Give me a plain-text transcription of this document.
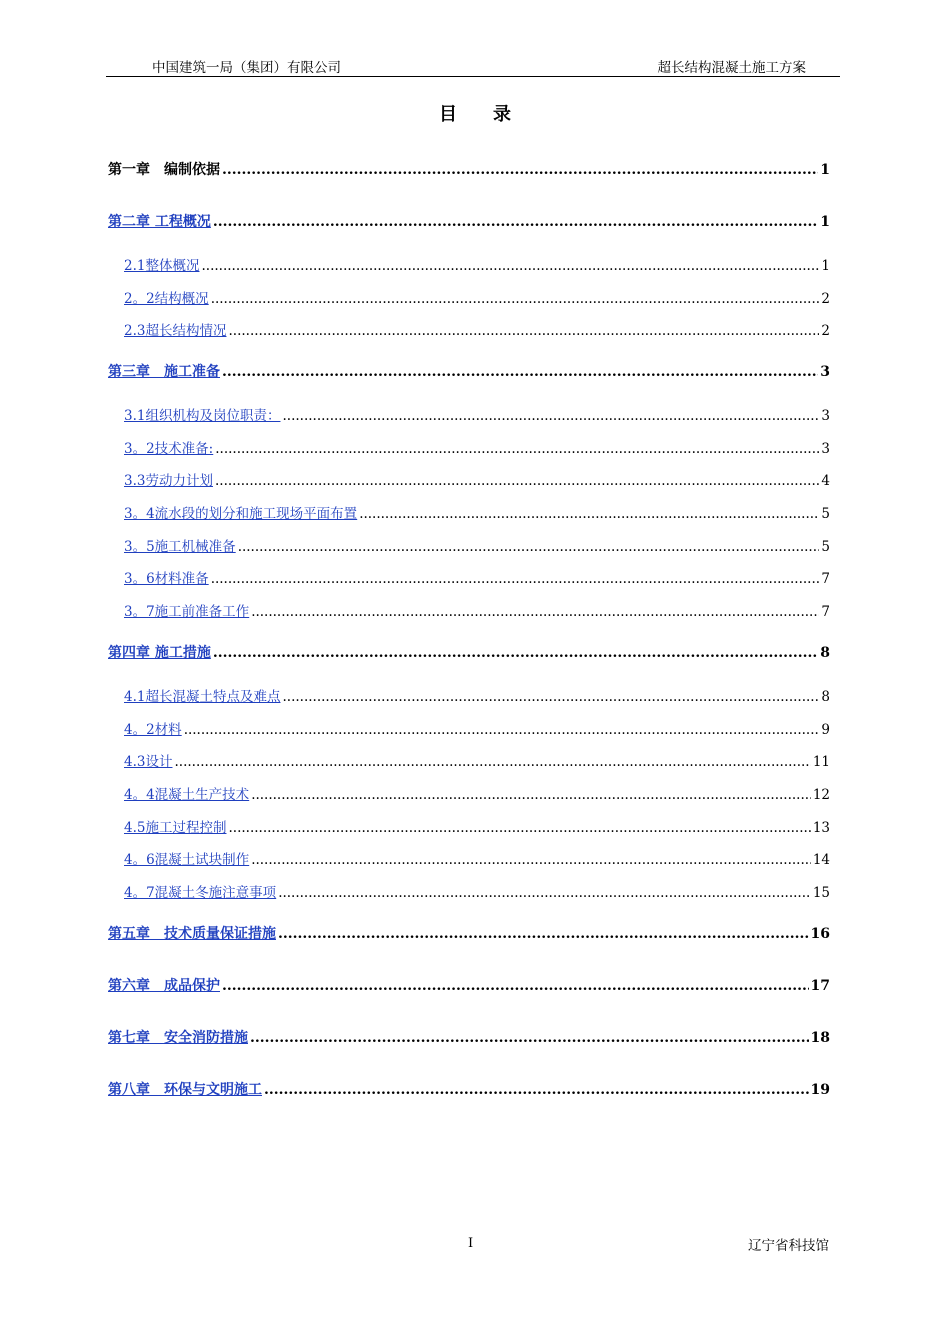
中国建筑一局（集团）有限公司	超长结构混凝土施工方案
目录
第一章　编制依据 .....	1
第二章 工程概况 .....	1
2.1整体概况 .....	1
2。2结构概况 .....	2
2.3超长结构情况 .....	2
第三章　施工准备 .....	3
3.1组织机构及岗位职责： .....	3
3。2技术准备: .....	3
3.3劳动力计划 .....	4
3。4流水段的划分和施工现场平面布置 .....	5
3。5施工机械准备 .....	5
3。6材料准备 .....	7
3。7施工前准备工作 .....	7
第四章 施工措施 .....	8
4.1超长混凝土特点及难点 .....	8
4。2材料 .....	9
4.3设计 .....	11
4。4混凝土生产技术 .....	12
4.5施工过程控制 .....	13
4。6混凝土试块制作 .....	14
4。7混凝土冬施注意事项 .....	15
第五章　技术质量保证措施 .....	16
第六章　成品保护 .....	17
第七章　安全消防措施 .....	18
第八章　环保与文明施工 .....	19
I	辽宁省科技馆
